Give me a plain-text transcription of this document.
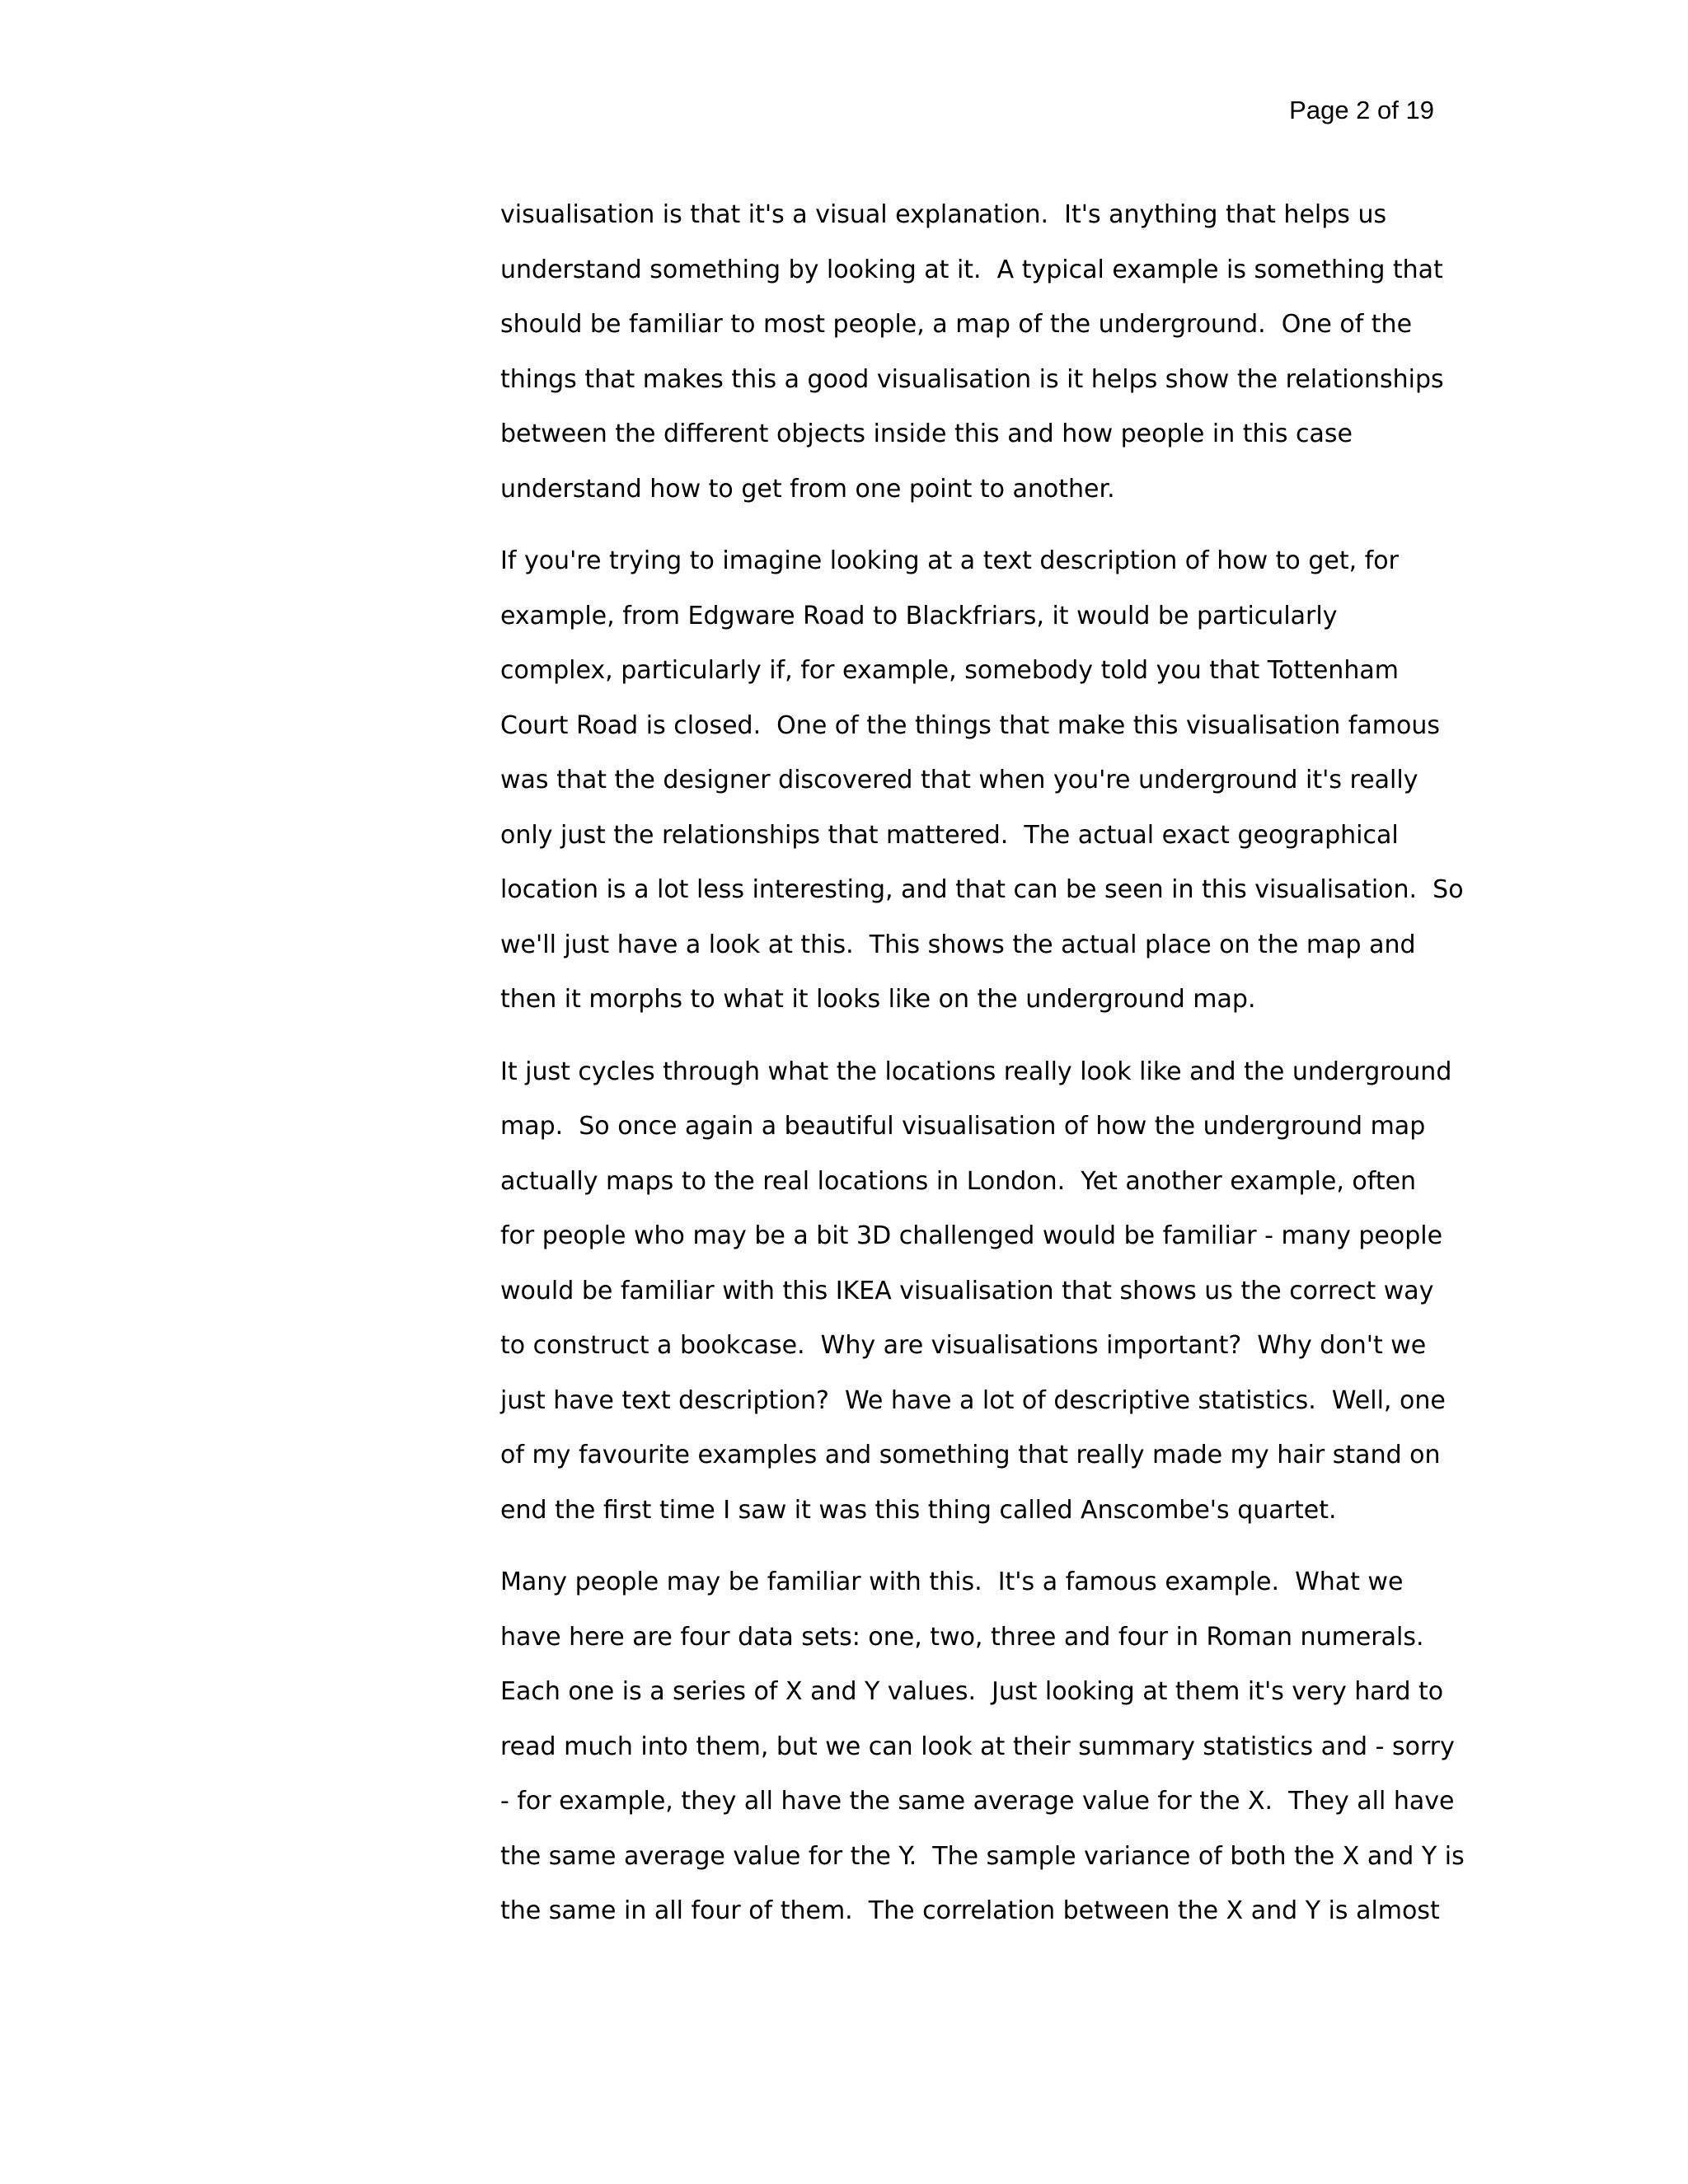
Page 2 of 19
visualisation is that it's a visual explanation.  It's anything that helps us
understand something by looking at it.  A typical example is something that
should be familiar to most people, a map of the underground.  One of the
things that makes this a good visualisation is it helps show the relationships
between the different objects inside this and how people in this case
understand how to get from one point to another.
If you're trying to imagine looking at a text description of how to get, for
example, from Edgware Road to Blackfriars, it would be particularly
complex, particularly if, for example, somebody told you that Tottenham
Court Road is closed.  One of the things that make this visualisation famous
was that the designer discovered that when you're underground it's really
only just the relationships that mattered.  The actual exact geographical
location is a lot less interesting, and that can be seen in this visualisation.  So
we'll just have a look at this.  This shows the actual place on the map and
then it morphs to what it looks like on the underground map.
It just cycles through what the locations really look like and the underground
map.  So once again a beautiful visualisation of how the underground map
actually maps to the real locations in London.  Yet another example, often
for people who may be a bit 3D challenged would be familiar - many people
would be familiar with this IKEA visualisation that shows us the correct way
to construct a bookcase.  Why are visualisations important?  Why don't we
just have text description?  We have a lot of descriptive statistics.  Well, one
of my favourite examples and something that really made my hair stand on
end the first time I saw it was this thing called Anscombe's quartet.
Many people may be familiar with this.  It's a famous example.  What we
have here are four data sets: one, two, three and four in Roman numerals.
Each one is a series of X and Y values.  Just looking at them it's very hard to
read much into them, but we can look at their summary statistics and - sorry
- for example, they all have the same average value for the X.  They all have
the same average value for the Y.  The sample variance of both the X and Y is
the same in all four of them.  The correlation between the X and Y is almost
